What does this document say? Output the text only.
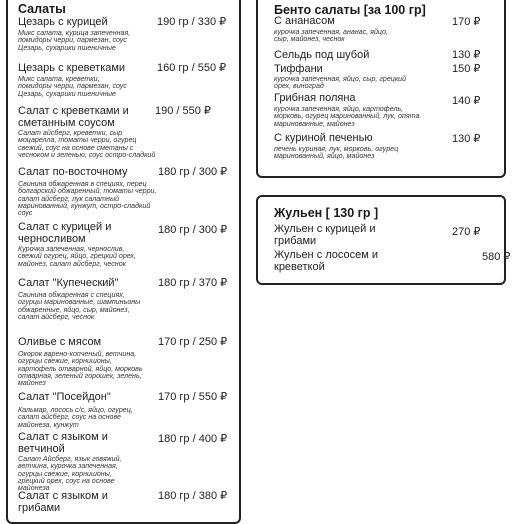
Салаты
Цезарь с курицей	190 гр / 330 ₽
Микс салата, курица запеченная, помидоры черри, пармезан, соус Цезарь, сухарики пшеничные
Цезарь с креветками	160 гр / 550 ₽
Микс салата, креветки, помидоры черри, пармезан, соус Цезарь, сухарики пшеничные
Салат с креветками и сметанным соусом
190 / 550 ₽
Салат айсберг, креветки, сыр моцарелла, томаты черри, огурец свежий, соус на основе сметаны с чесноком и зеленью, соус остро-сладкий
Салат по-восточному	180 гр / 300 ₽
Свинина обжаренная в специях, перец болгарский обжаренный, томаты черри, салат айсберг, лук салатный маринованный, кунжут, остро-сладкий соус
Салат с курицей и черносливом
180 гр / 300 ₽
Курочка запеченная, чернослив, свежий огурец, яйцо, грецкий орех, майонез, салат айсберг, чеснок
Салат "Купеческий"	180 гр / 370 ₽
Свинина обжаренная с специях, огурцы маринованные, шампиньоны обжаренные, яйцо, сыр, майонез, салат айсберг, чеснок
Оливье с мясом	170 гр / 250 ₽
Окорок варено-копченый, ветчина, огурцы свежие, корнишоны, картофель отварной, яйцо, морковь отварная, зеленый горошек, зелень, майонез
Салат "Посейдон"	170 гр / 550 ₽
Кальмар, лосось с/с, яйцо, огурец, салат айсберг, соус на основе майонеза, кунжут
Салат с языком и ветчиной
180 гр / 400 ₽
Салат Айсберг, язык говяжий, ветчина, курочка запеченная, огурцы свежие, корнишоны, грецкий орех, соус на основе майонеза
Салат с языком и грибами
180 гр / 380 ₽
Бенто салаты [за 100 гр]
С ананасом	170 ₽
курочка запеченная, ананас, яйцо, сыр, майонез, чеснок
Сельдь под шубой	130 ₽
Тиффани	150 ₽
курочка запеченная, яйцо, сыр, грецкий орех, виноград
Грибная поляна	140 ₽
курочка запеченная, яйцо, картофель, морковь, огурец маринованный, лук, опята маринованные, майонез
С куриной печенью	130 ₽
печень куриная, лук, морковь, огурец маринованный, яйцо, майонез
Жульен [ 130 гр ]
Жульен с курицей и грибами
270 ₽
Жульен с лососем и креветкой
580 ₽
